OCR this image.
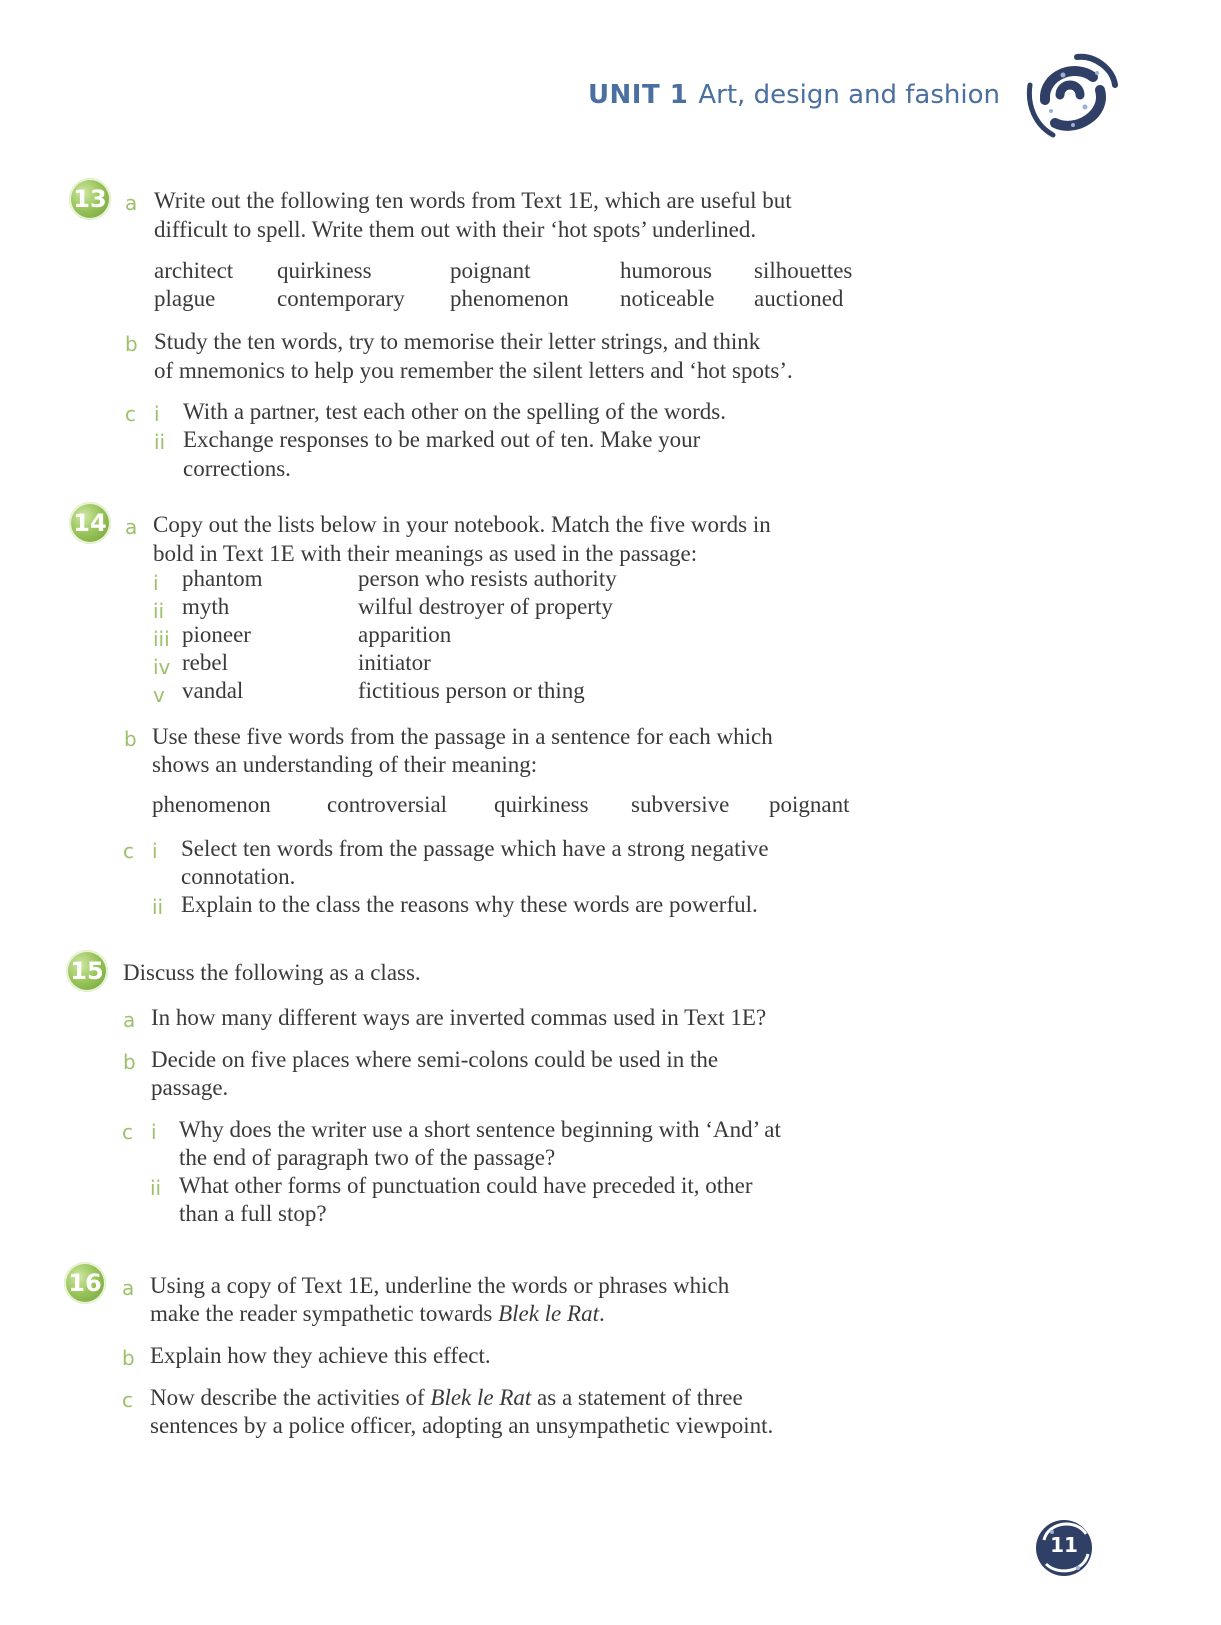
UNIT 1 Art, design and fashion
13 a Write out the following ten words from Text 1E, which are useful but
difficult to spell. Write them out with their ‘hot spots’ underlined.
architect quirkiness	poignant	humorous silhouettes
plague	contemporary phenomenon noticeable auctioned
b Study the ten words, try to memorise their letter strings, and think
of mnemonics to help you remember the silent letters and ‘hot spots’.
c i With a partner, test each other on the spelling of the words.
ii Exchange responses to be marked out of ten. Make your
corrections.
14 a Copy out the lists below in your notebook. Match the five words in
bold in Text 1E with their meanings as used in the passage:
i phantom	person who resists authority
ii myth	wilful destroyer of property
iii pioneer	apparition
iv rebel	initiator
v vandal	fictitious person or thing
b Use these five words from the passage in a sentence for each which
shows an understanding of their meaning:
phenomenon controversial quirkiness subversive poignant
c i Select ten words from the passage which have a strong negative
connotation.
ii Explain to the class the reasons why these words are powerful.
15 Discuss the following as a class.
a In how many different ways are inverted commas used in Text 1E?
b Decide on five places where semi-colons could be used in the
passage.
c i Why does the writer use a short sentence beginning with ‘And’ at
the end of paragraph two of the passage?
ii What other forms of punctuation could have preceded it, other
than a full stop?
16 a Using a copy of Text 1E, underline the words or phrases which
make the reader sympathetic towards Blek le Rat.
b Explain how they achieve this effect.
c Now describe the activities of Blek le Rat as a statement of three
sentences by a police officer, adopting an unsympathetic viewpoint.
11
